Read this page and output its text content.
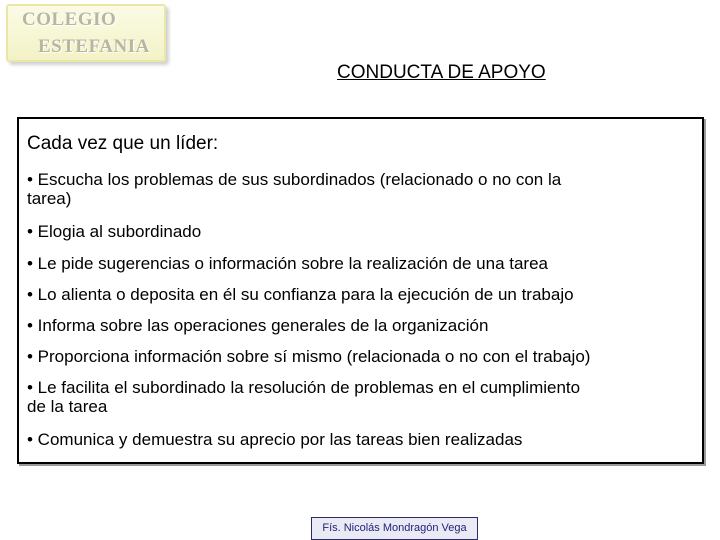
COLEGIO
ESTEFANIA
CONDUCTA DE APOYO
Cada vez que un líder:
• Escucha los problemas de sus subordinados (relacionado o no con la
tarea)
• Elogia al subordinado
• Le pide sugerencias o información sobre la realización de una tarea
• Lo alienta o deposita en él su confianza para la ejecución de un trabajo
• Informa sobre las operaciones generales de la organización
• Proporciona información sobre sí mismo (relacionada o no con el trabajo)
• Le facilita el subordinado la resolución de problemas en el cumplimiento
de la tarea
• Comunica y demuestra su aprecio por las tareas bien realizadas
Fís. Nicolás Mondragón Vega
